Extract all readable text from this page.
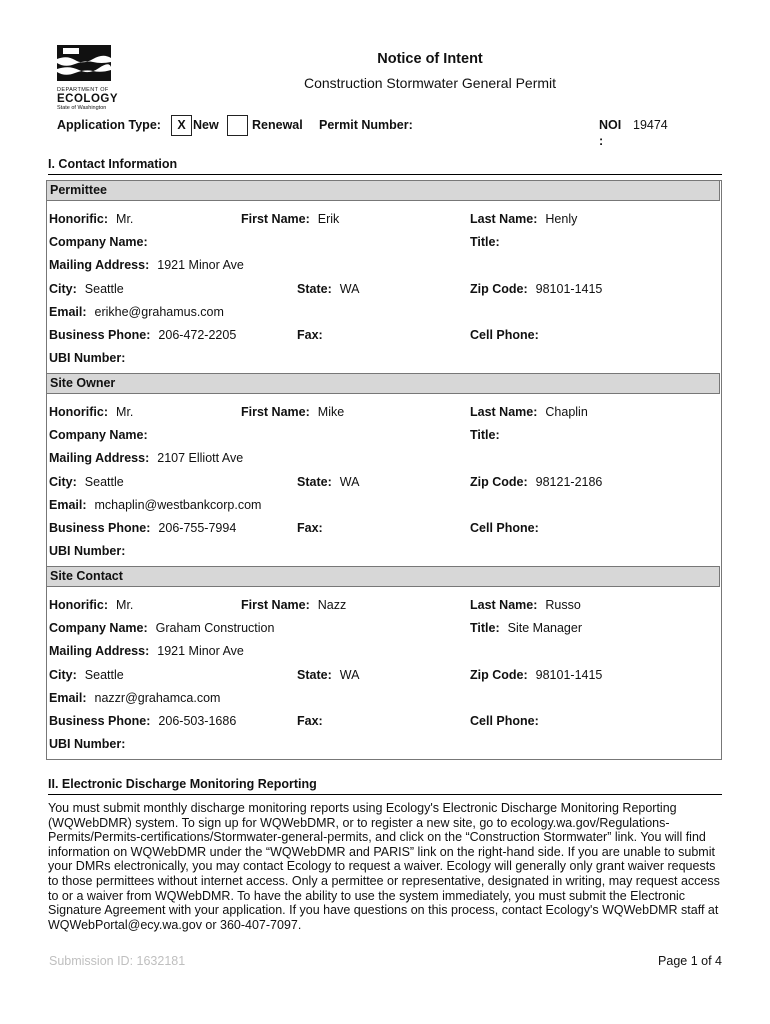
DEPARTMENT OF
ECOLOGY
State of Washington
Notice of Intent
Construction Stormwater General Permit
Application Type:	X New	Renewal Permit Number:	NOI 19474
:
I. Contact Information
Permittee
Honorific: Mr.	First Name: Erik	Last Name: Henly
Company Name:	Title:
Mailing Address: 1921 Minor Ave
City: Seattle	State: WA	Zip Code: 98101-1415
Email: erikhe@grahamus.com
Business Phone: 206-472-2205	Fax:	Cell Phone:
UBI Number:
Site Owner
Honorific: Mr.	First Name: Mike	Last Name: Chaplin
Company Name:	Title:
Mailing Address: 2107 Elliott Ave
City: Seattle	State: WA	Zip Code: 98121-2186
Email: mchaplin@westbankcorp.com
Business Phone: 206-755-7994	Fax:	Cell Phone:
UBI Number:
Site Contact
Honorific: Mr.	First Name: Nazz	Last Name: Russo
Company Name: Graham Construction	Title: Site Manager
Mailing Address: 1921 Minor Ave
City: Seattle	State: WA	Zip Code: 98101-1415
Email: nazzr@grahamca.com
Business Phone: 206-503-1686	Fax:	Cell Phone:
UBI Number:
II. Electronic Discharge Monitoring Reporting
You must submit monthly discharge monitoring reports using Ecology's Electronic Discharge Monitoring Reporting (WQWebDMR) system. To sign up for WQWebDMR, or to register a new site, go to ecology.wa.gov/Regulations-Permits/Permits-certifications/Stormwater-general-permits, and click on the “Construction Stormwater” link. You will find information on WQWebDMR under the “WQWebDMR and PARIS” link on the right-hand side. If you are unable to submit your DMRs electronically, you may contact Ecology to request a waiver. Ecology will generally only grant waiver requests to those permittees without internet access. Only a permittee or representative, designated in writing, may request access to or a waiver from WQWebDMR. To have the ability to use the system immediately, you must submit the Electronic Signature Agreement with your application. If you have questions on this process, contact Ecology's WQWebDMR staff at WQWebPortal@ecy.wa.gov or 360-407-7097.
Submission ID: 1632181	Page 1 of 4
